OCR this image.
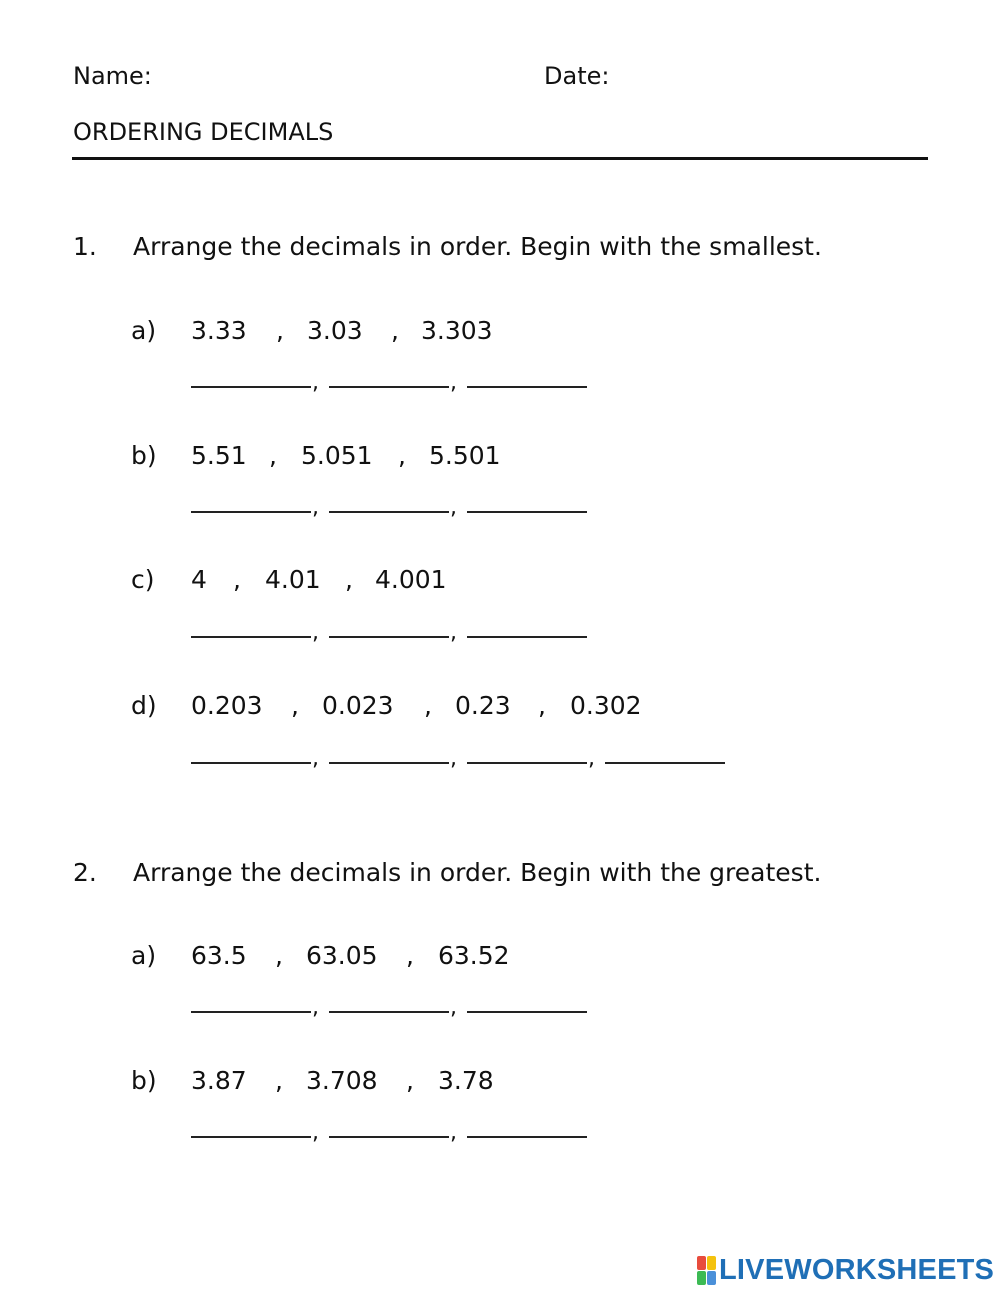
Name:	Date:
ORDERING DECIMALS
1. Arrange the decimals in order. Begin with the smallest.
a) 3.33 , 3.03 , 3.303
,	,
b) 5.51 , 5.051 , 5.501
,	,
c) 4 , 4.01 , 4.001
,	,
d) 0.203 , 0.023 , 0.23 , 0.302
,	,	,
2. Arrange the decimals in order. Begin with the greatest.
a) 63.5 , 63.05 , 63.52
,	,
b) 3.87 , 3.708 , 3.78
,	,
LIVEWORKSHEETS
